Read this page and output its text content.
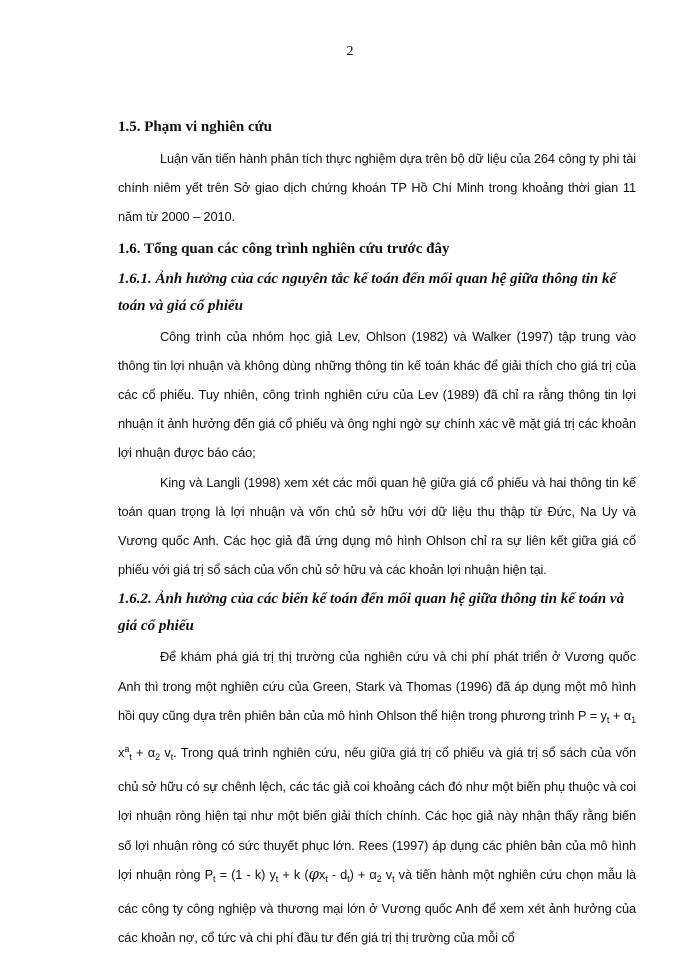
2
1.5. Phạm vi nghiên cứu

Luận văn tiến hành phân tích thực nghiệm dựa trên bộ dữ liệu của 264 công ty phi tài chính niêm yết trên Sở giao dịch chứng khoán TP Hồ Chí Minh trong khoảng thời gian 11 năm từ 2000 – 2010.

1.6. Tổng quan các công trình nghiên cứu trước đây
1.6.1. Ảnh hưởng của các nguyên tắc kế toán đến mối quan hệ giữa thông tin kế toán và giá cổ phiếu

Công trình của nhóm học giả Lev, Ohlson (1982) và Walker (1997) tập trung vào thông tin lợi nhuận và không dùng những thông tin kế toán khác để giải thích cho giá trị của các cổ phiếu. Tuy nhiên, công trình nghiên cứu của Lev (1989) đã chỉ ra rằng thông tin lợi nhuận ít ảnh hưởng đến giá cổ phiếu và ông nghi ngờ sự chính xác về mặt giá trị các khoản lợi nhuận được báo cáo;

King và Langli (1998) xem xét các mối quan hệ giữa giá cổ phiếu và hai thông tin kế toán quan trọng là lợi nhuận và vốn chủ sở hữu với dữ liệu thu thập từ Đức, Na Uy và Vương quốc Anh. Các học giả đã ứng dụng mô hình Ohlson chỉ ra sự liên kết giữa giá cổ phiếu với giá trị sổ sách của vốn chủ sở hữu và các khoản lợi nhuận hiện tại.

1.6.2. Ảnh hưởng của các biến kế toán đến mối quan hệ giữa thông tin kế toán và giá cổ phiếu

Để khám phá giá trị thị trường của nghiên cứu và chi phí phát triển ở Vương quốc Anh thì trong một nghiên cứu của Green, Stark và Thomas (1996) đã áp dụng một mô hình hồi quy cũng dựa trên phiên bản của mô hình Ohlson thể hiện trong phương trình $P = y_t + \alpha_1$ $x^a_t + \alpha_2$ $v_t$. Trong quá trình nghiên cứu, nếu giữa giá trị cổ phiếu và giá trị sổ sách của vốn chủ sở hữu có sự chênh lệch, các tác giả coi khoảng cách đó như một biến phụ thuộc và coi lợi nhuận ròng hiện tại như một biến giải thích chính. Các học giả này nhận thấy rằng biến số lợi nhuận ròng có sức thuyết phục lớn. Rees (1997) áp dụng các phiên bản của mô hình lợi nhuận ròng $P_t = (1 - k) y_t + k$ $(\varphi x_t - d_t) + \alpha_2$ $v_t$ và tiến hành một nghiên cứu chọn mẫu là các công ty công nghiệp và thương mại lớn ở Vương quốc Anh để xem xét ảnh hưởng của các khoản nợ, cổ tức và chi phí đầu tư đến giá trị thị trường của mỗi cổ
